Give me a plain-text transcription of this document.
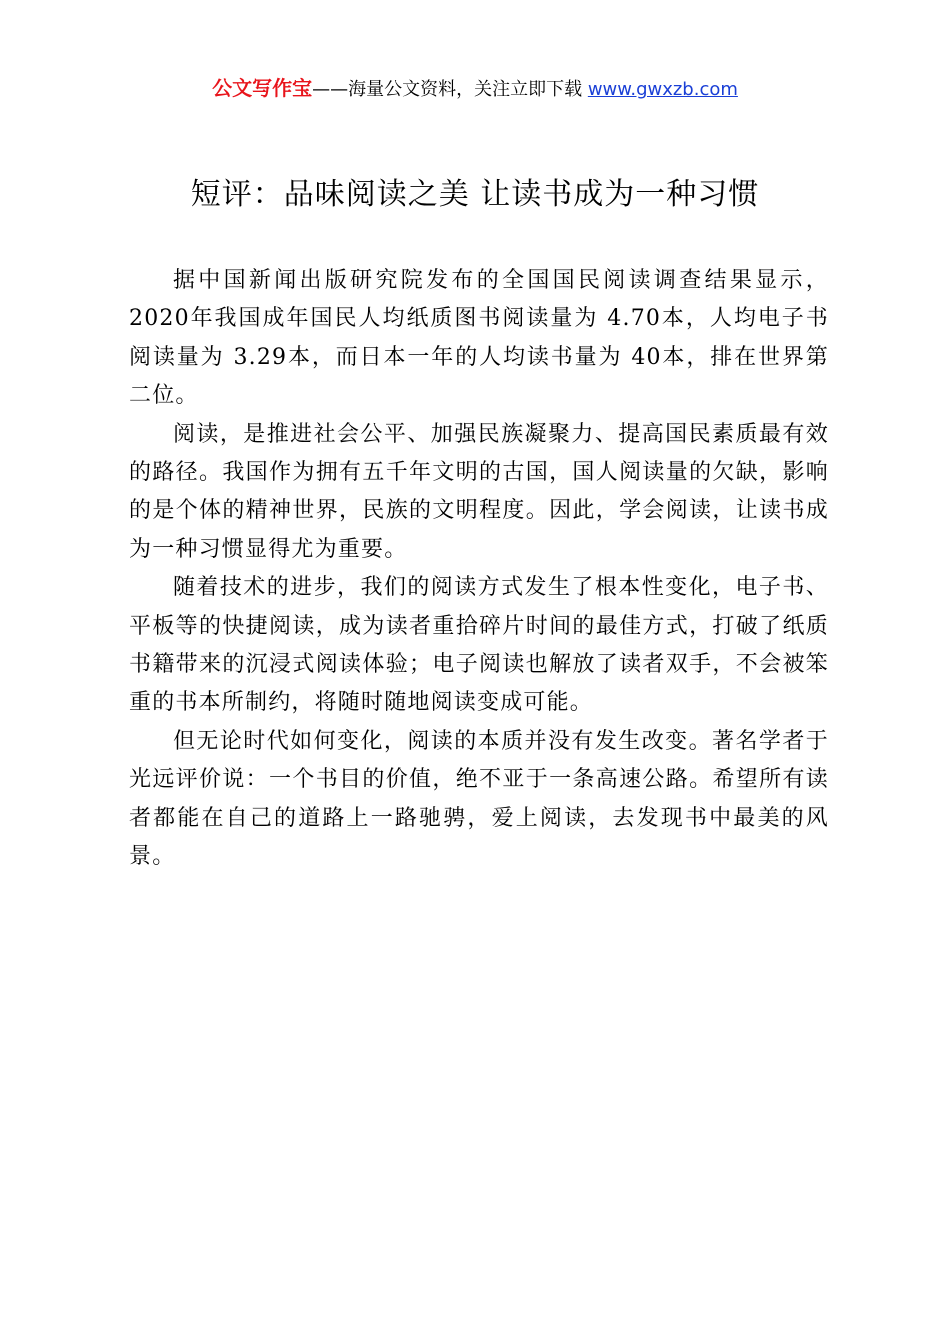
公文写作宝——海量公文资料，关注立即下载 www.gwxzb.com
短评：品味阅读之美 让读书成为一种习惯

据中国新闻出版研究院发布的全国国民阅读调查结果显示，2020年我国成年国民人均纸质图书阅读量为 4.70本，人均电子书阅读量为 3.29本，而日本一年的人均读书量为 40本，排在世界第二位。

阅读，是推进社会公平、加强民族凝聚力、提高国民素质最有效的路径。我国作为拥有五千年文明的古国，国人阅读量的欠缺，影响的是个体的精神世界，民族的文明程度。因此，学会阅读，让读书成为一种习惯显得尤为重要。

随着技术的进步，我们的阅读方式发生了根本性变化，电子书、平板等的快捷阅读，成为读者重拾碎片时间的最佳方式，打破了纸质书籍带来的沉浸式阅读体验；电子阅读也解放了读者双手，不会被笨重的书本所制约，将随时随地阅读变成可能。

但无论时代如何变化，阅读的本质并没有发生改变。著名学者于光远评价说：一个书目的价值，绝不亚于一条高速公路。希望所有读者都能在自己的道路上一路驰骋，爱上阅读，去发现书中最美的风景。
